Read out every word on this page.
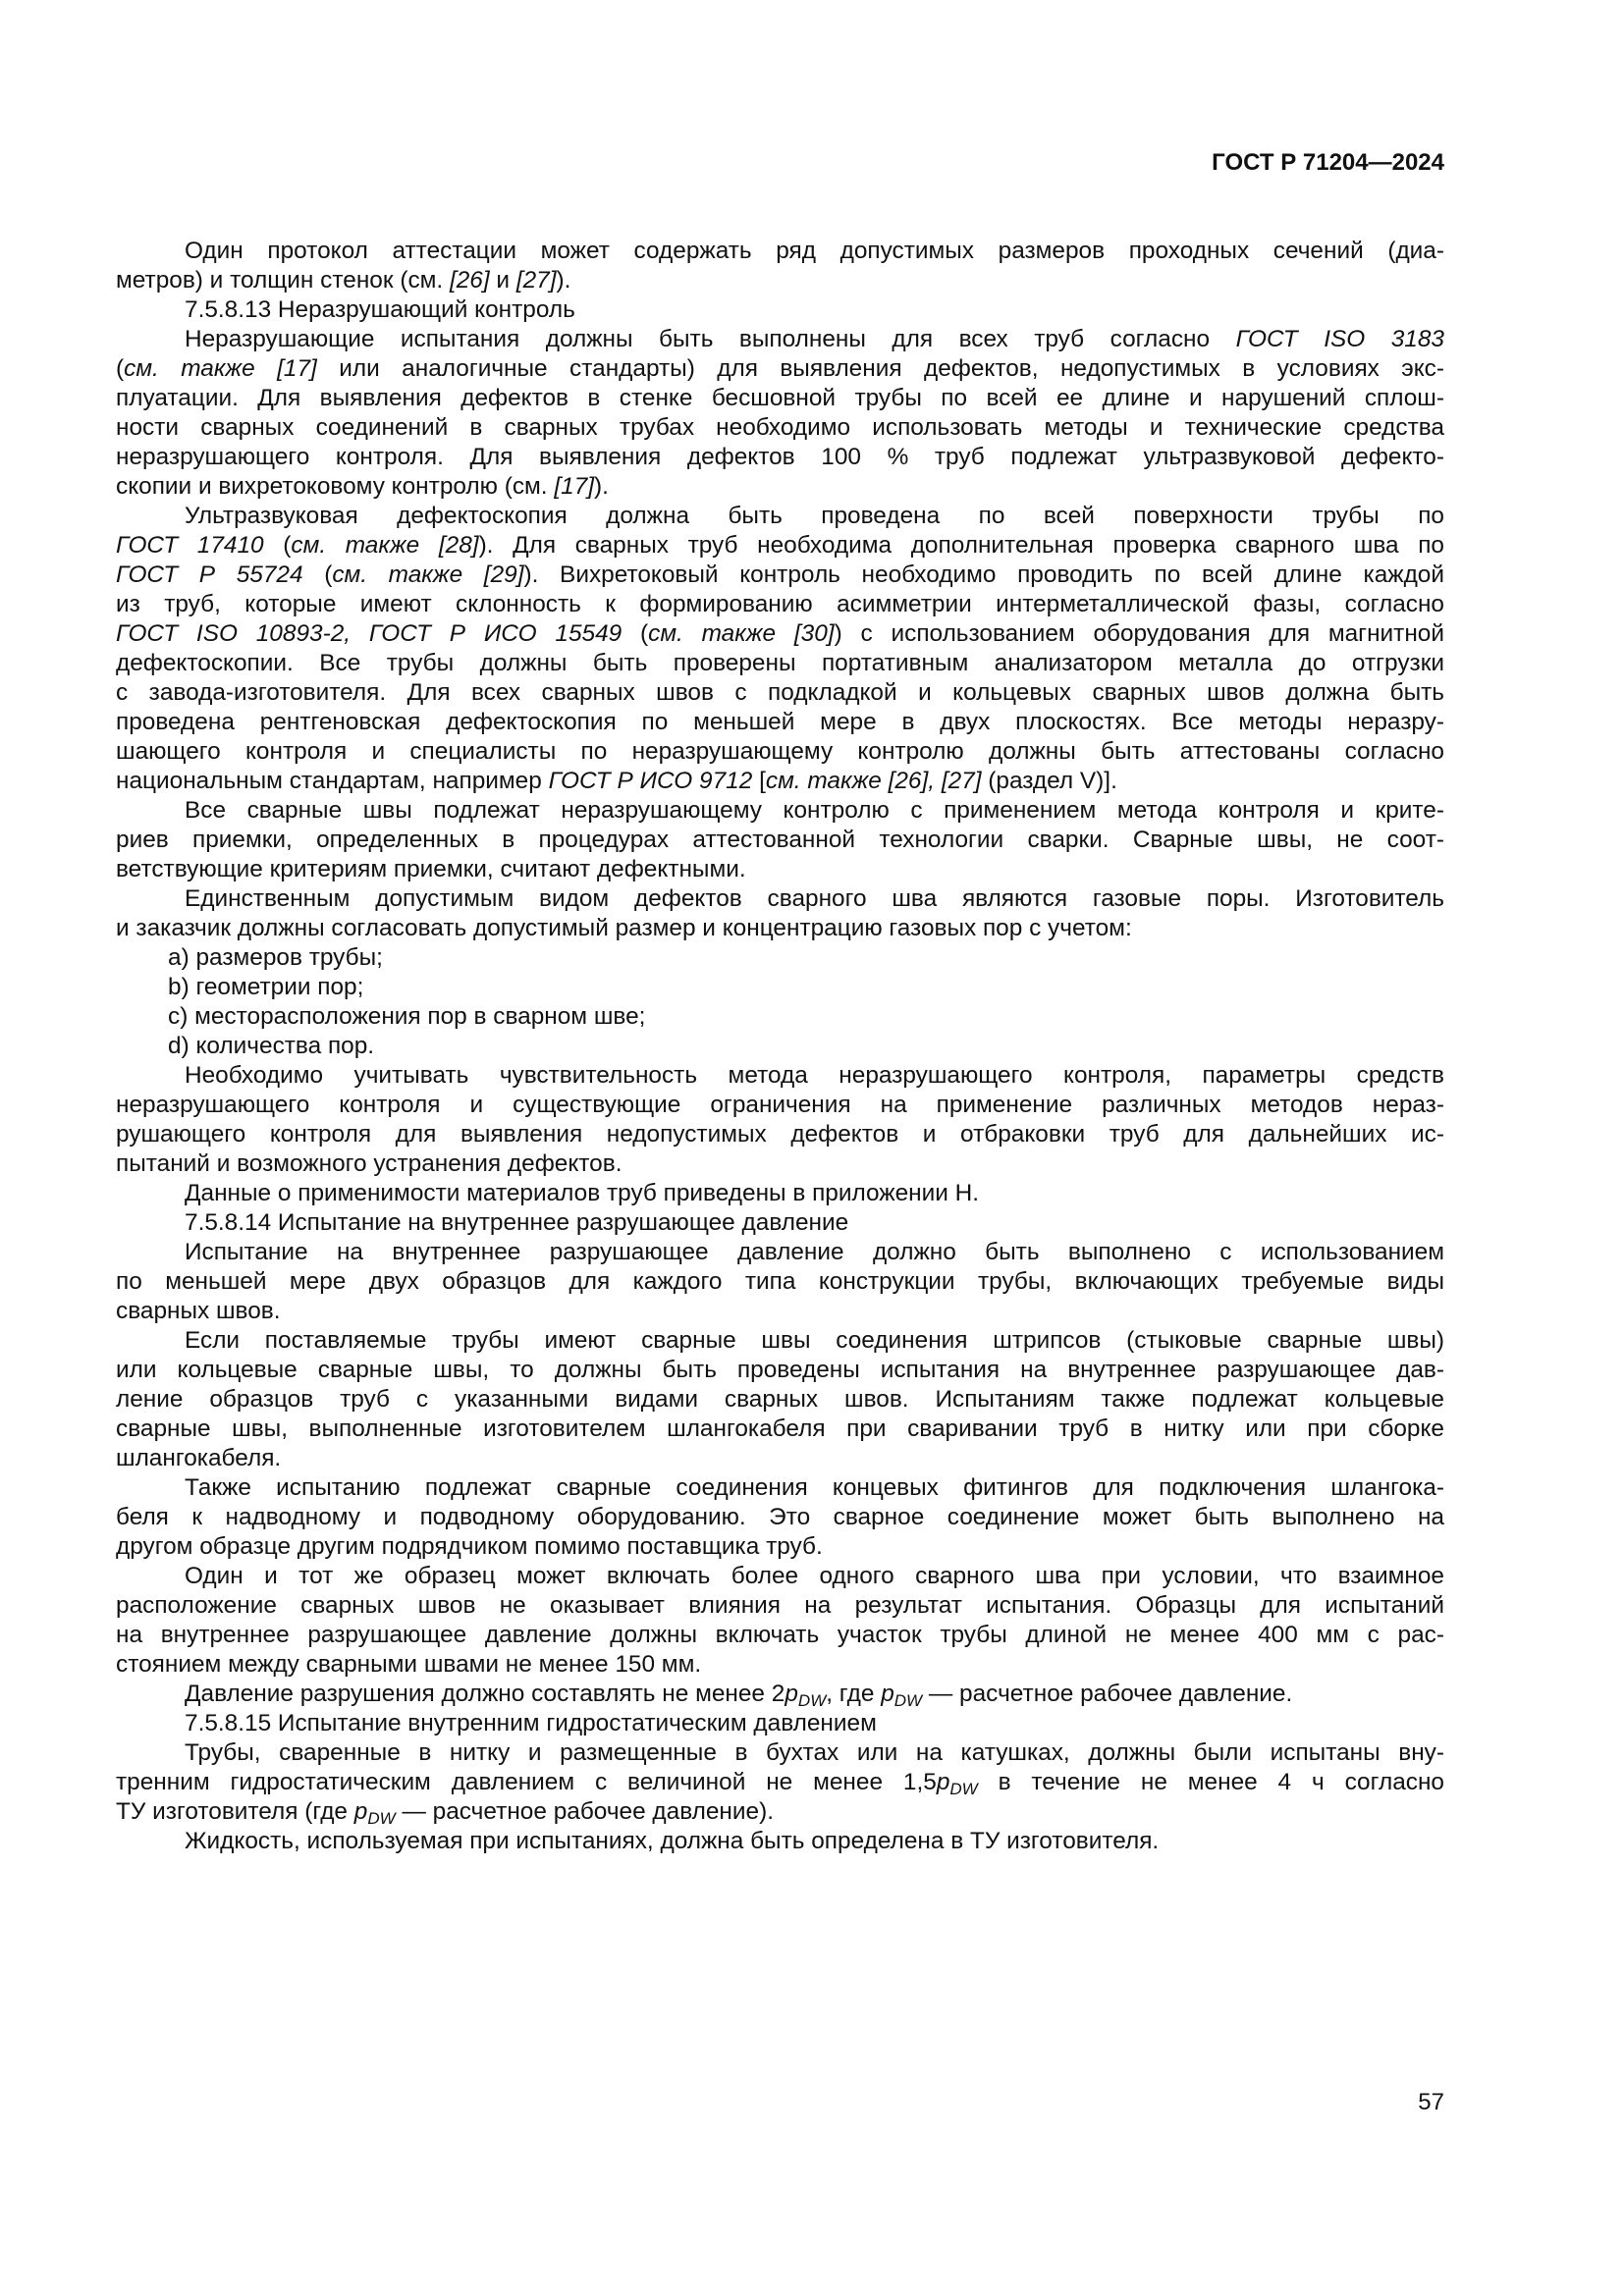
ГОСТ Р 71204—2024
Один протокол аттестации может содержать ряд допустимых размеров проходных сечений (диа-
метров) и толщин стенок (см. [26] и [27]).
7.5.8.13 Неразрушающий контроль
Неразрушающие испытания должны быть выполнены для всех труб согласно ГОСТ ISO 3183
(см. также [17] или аналогичные стандарты) для выявления дефектов, недопустимых в условиях экс-
плуатации. Для выявления дефектов в стенке бесшовной трубы по всей ее длине и нарушений сплош-
ности сварных соединений в сварных трубах необходимо использовать методы и технические средства
неразрушающего контроля. Для выявления дефектов 100 % труб подлежат ультразвуковой дефекто-
скопии и вихретоковому контролю (см. [17]).
Ультразвуковая дефектоскопия должна быть проведена по всей поверхности трубы по
ГОСТ 17410 (см. также [28]). Для сварных труб необходима дополнительная проверка сварного шва по
ГОСТ Р 55724 (см. также [29]). Вихретоковый контроль необходимо проводить по всей длине каждой
из труб, которые имеют склонность к формированию асимметрии интерметаллической фазы, согласно
ГОСТ ISO 10893-2, ГОСТ Р ИСО 15549 (см. также [30]) с использованием оборудования для магнитной
дефектоскопии. Все трубы должны быть проверены портативным анализатором металла до отгрузки
с завода-изготовителя. Для всех сварных швов с подкладкой и кольцевых сварных швов должна быть
проведена рентгеновская дефектоскопия по меньшей мере в двух плоскостях. Все методы неразру-
шающего контроля и специалисты по неразрушающему контролю должны быть аттестованы согласно
национальным стандартам, например ГОСТ Р ИСО 9712 [см. также [26], [27] (раздел V)].
Все сварные швы подлежат неразрушающему контролю с применением метода контроля и крите-
риев приемки, определенных в процедурах аттестованной технологии сварки. Сварные швы, не соот-
ветствующие критериям приемки, считают дефектными.
Единственным допустимым видом дефектов сварного шва являются газовые поры. Изготовитель
и заказчик должны согласовать допустимый размер и концентрацию газовых пор с учетом:
a) размеров трубы;
b) геометрии пор;
c) месторасположения пор в сварном шве;
d) количества пор.
Необходимо учитывать чувствительность метода неразрушающего контроля, параметры средств
неразрушающего контроля и существующие ограничения на применение различных методов нераз-
рушающего контроля для выявления недопустимых дефектов и отбраковки труб для дальнейших ис-
пытаний и возможного устранения дефектов.
Данные о применимости материалов труб приведены в приложении Н.
7.5.8.14 Испытание на внутреннее разрушающее давление
Испытание на внутреннее разрушающее давление должно быть выполнено с использованием
по меньшей мере двух образцов для каждого типа конструкции трубы, включающих требуемые виды
сварных швов.
Если поставляемые трубы имеют сварные швы соединения штрипсов (стыковые сварные швы)
или кольцевые сварные швы, то должны быть проведены испытания на внутреннее разрушающее дав-
ление образцов труб с указанными видами сварных швов. Испытаниям также подлежат кольцевые
сварные швы, выполненные изготовителем шлангокабеля при сваривании труб в нитку или при сборке
шлангокабеля.
Также испытанию подлежат сварные соединения концевых фитингов для подключения шлангока-
беля к надводному и подводному оборудованию. Это сварное соединение может быть выполнено на
другом образце другим подрядчиком помимо поставщика труб.
Один и тот же образец может включать более одного сварного шва при условии, что взаимное
расположение сварных швов не оказывает влияния на результат испытания. Образцы для испытаний
на внутреннее разрушающее давление должны включать участок трубы длиной не менее 400 мм с рас-
стоянием между сварными швами не менее 150 мм.
Давление разрушения должно составлять не менее $2p_{DW}$, где $p_{DW}$ — расчетное рабочее давление.
7.5.8.15 Испытание внутренним гидростатическим давлением
Трубы, сваренные в нитку и размещенные в бухтах или на катушках, должны были испытаны вну-
тренним гидростатическим давлением с величиной не менее $1,5p_{DW}$ в течение не менее 4 ч согласно
ТУ изготовителя (где $p_{DW}$ — расчетное рабочее давление).
Жидкость, используемая при испытаниях, должна быть определена в ТУ изготовителя.
57
